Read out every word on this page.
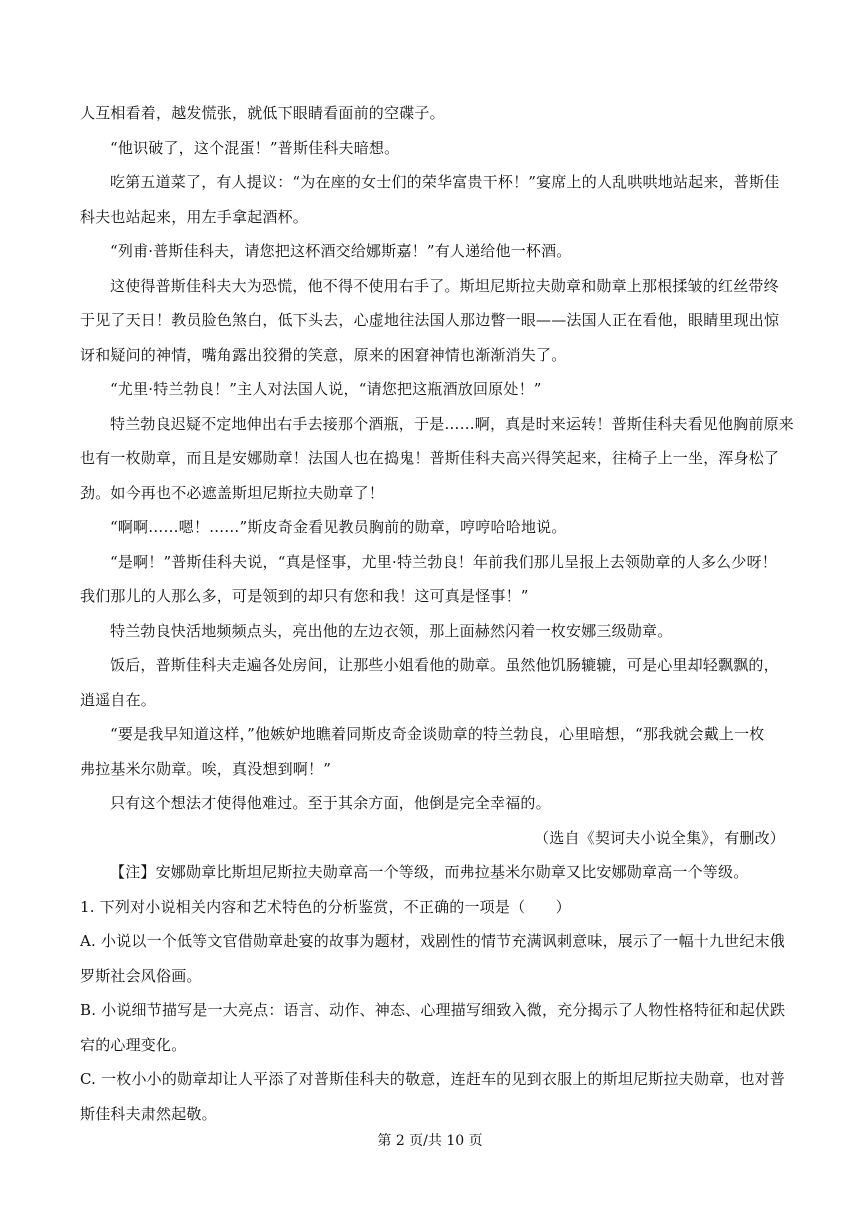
人互相看着，越发慌张，就低下眼睛看面前的空碟子。
“他识破了，这个混蛋！”普斯佳科夫暗想。
吃第五道菜了，有人提议：“为在座的女士们的荣华富贵干杯！”宴席上的人乱哄哄地站起来，普斯佳
科夫也站起来，用左手拿起酒杯。
“列甫·普斯佳科夫，请您把这杯酒交给娜斯嘉！”有人递给他一杯酒。
这使得普斯佳科夫大为恐慌，他不得不使用右手了。斯坦尼斯拉夫勋章和勋章上那根揉皱的红丝带终
于见了天日！教员脸色煞白，低下头去，心虚地往法国人那边瞥一眼——法国人正在看他，眼睛里现出惊
讶和疑问的神情，嘴角露出狡猾的笑意，原来的困窘神情也渐渐消失了。
“尤里·特兰勃良！”主人对法国人说，“请您把这瓶酒放回原处！”
特兰勃良迟疑不定地伸出右手去接那个酒瓶，于是……啊，真是时来运转！普斯佳科夫看见他胸前原来
也有一枚勋章，而且是安娜勋章！法国人也在捣鬼！普斯佳科夫高兴得笑起来，往椅子上一坐，浑身松了
劲。如今再也不必遮盖斯坦尼斯拉夫勋章了！
“啊啊……嗯！……”斯皮奇金看见教员胸前的勋章，哼哼哈哈地说。
“是啊！”普斯佳科夫说，“真是怪事，尤里·特兰勃良！年前我们那儿呈报上去领勋章的人多么少呀！
我们那儿的人那么多，可是领到的却只有您和我！这可真是怪事！”
特兰勃良快活地频频点头，亮出他的左边衣领，那上面赫然闪着一枚安娜三级勋章。
饭后，普斯佳科夫走遍各处房间，让那些小姐看他的勋章。虽然他饥肠辘辘，可是心里却轻飘飘的，
逍遥自在。
“要是我早知道这样，”他嫉妒地瞧着同斯皮奇金谈勋章的特兰勃良，心里暗想，“那我就会戴上一枚
弗拉基米尔勋章。唉，真没想到啊！”
只有这个想法才使得他难过。至于其余方面，他倒是完全幸福的。
（选自《契诃夫小说全集》，有删改）
【注】安娜勋章比斯坦尼斯拉夫勋章高一个等级，而弗拉基米尔勋章又比安娜勋章高一个等级。
1. 下列对小说相关内容和艺术特色的分析鉴赏，不正确的一项是（　　）
A. 小说以一个低等文官借勋章赴宴的故事为题材，戏剧性的情节充满讽刺意味，展示了一幅十九世纪末俄
罗斯社会风俗画。
B. 小说细节描写是一大亮点：语言、动作、神态、心理描写细致入微，充分揭示了人物性格特征和起伏跌
宕的心理变化。
C. 一枚小小的勋章却让人平添了对普斯佳科夫的敬意，连赶车的见到衣服上的斯坦尼斯拉夫勋章，也对普
斯佳科夫肃然起敬。
第 2 页/共 10 页
